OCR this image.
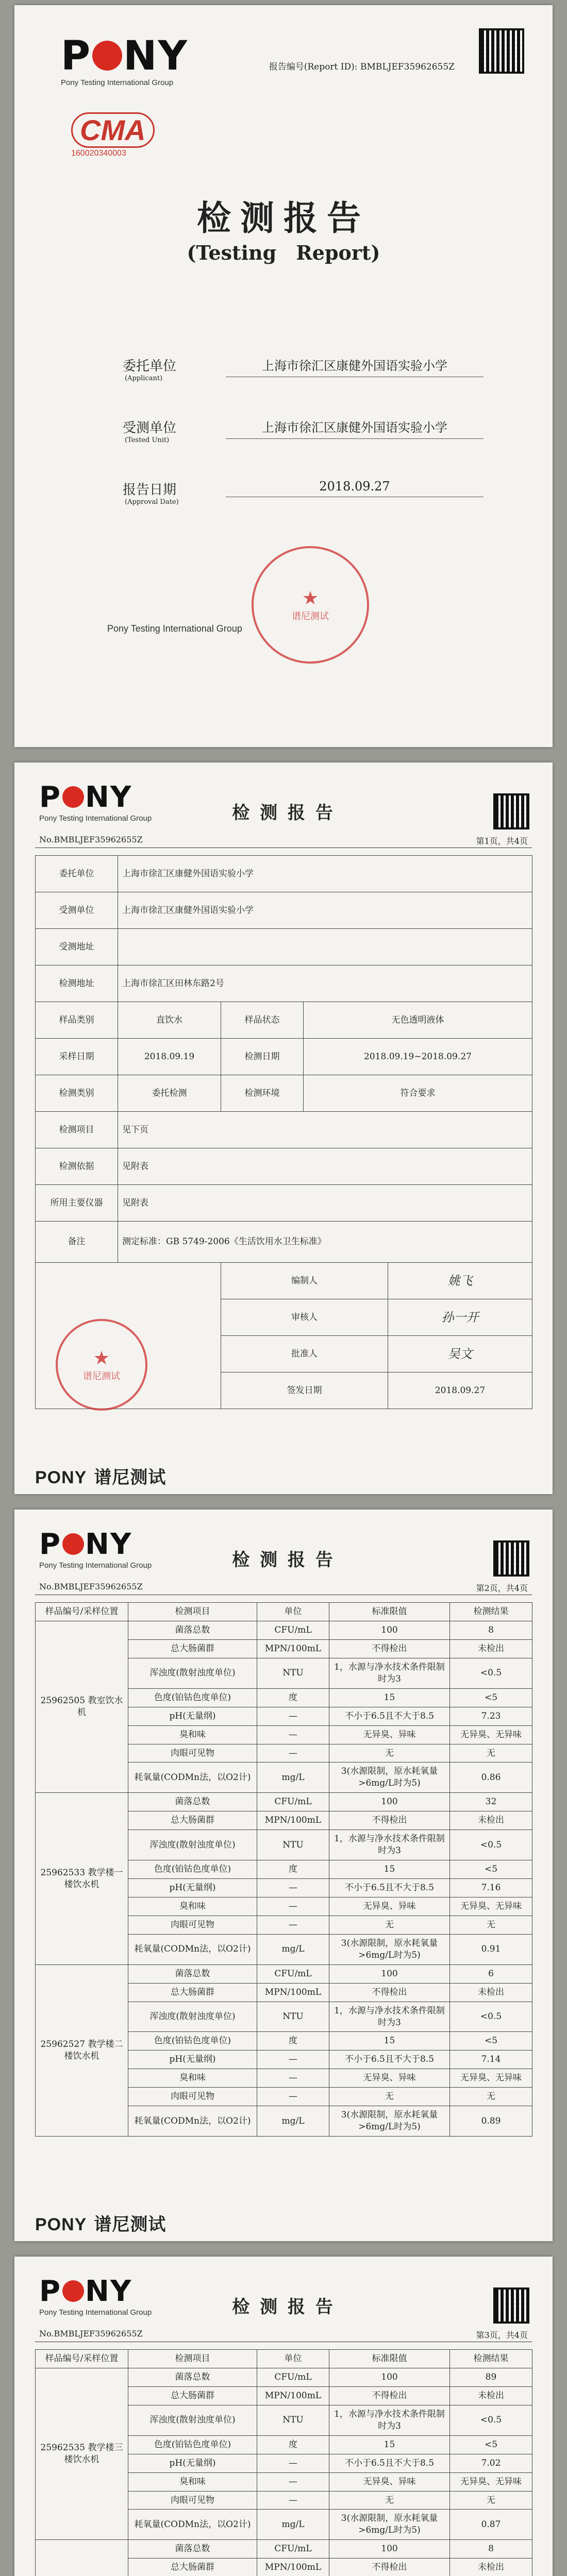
P NY
Pony Testing International Group
报告编号(Report ID): BMBLJEF35962655Z
CMA
160020340003
检测报告
(Testing　Report)
委托单位
(Applicant)
上海市徐汇区康健外国语实验小学
受测单位
(Tested Unit)
上海市徐汇区康健外国语实验小学
报告日期
(Approval Date)
2018.09.27
★
谱尼测试
Pony Testing International Group
P NY
Pony Testing International Group	检 测 报 告
No.BMBLJEF35962655Z	第1页，共4页
委托单位	上海市徐汇区康健外国语实验小学			
受测单位	上海市徐汇区康健外国语实验小学			
受测地址				
检测地址	上海市徐汇区田林东路2号			
样品类别	直饮水	样品状态	无色透明液体	
采样日期	2018.09.19	检测日期	2018.09.19~2018.09.27	
检测类别	委托检测	检测环境	符合要求	
检测项目	见下页			
检测依据	见附表			
所用主要仪器	见附表			
备注	测定标准：GB 5749-2006《生活饮用水卫生标准》			
		编制人		姚飞
		审核人		孙一开
		批准人		吴文
		签发日期		2018.09.27
★
谱尼测试
PONY 谱尼测试
P NY
Pony Testing International Group	检 测 报 告
No.BMBLJEF35962655Z	第2页，共4页
样品编号/采样位置	检测项目	单位	标准限值	检测结果
25962505 教室饮水机	菌落总数	CFU/mL	100	8
	总大肠菌群	MPN/100mL	不得检出	未检出
	浑浊度(散射浊度单位)	NTU	1，水源与净水技术条件限制时为3	<0.5
	色度(铂钴色度单位)	度	15	<5
	pH(无量纲)	—	不小于6.5且不大于8.5	7.23
	臭和味	—	无异臭、异味	无异臭、无异味
	肉眼可见物	—	无	无
	耗氧量(CODMn法，以O2计)	mg/L	3(水源限制，原水耗氧量>6mg/L时为5)	0.86
25962533 教学楼一楼饮水机	菌落总数	CFU/mL	100	32
	总大肠菌群	MPN/100mL	不得检出	未检出
	浑浊度(散射浊度单位)	NTU	1，水源与净水技术条件限制时为3	<0.5
	色度(铂钴色度单位)	度	15	<5
	pH(无量纲)	—	不小于6.5且不大于8.5	7.16
	臭和味	—	无异臭、异味	无异臭、无异味
	肉眼可见物	—	无	无
	耗氧量(CODMn法，以O2计)	mg/L	3(水源限制，原水耗氧量>6mg/L时为5)	0.91
25962527 教学楼二楼饮水机	菌落总数	CFU/mL	100	6
	总大肠菌群	MPN/100mL	不得检出	未检出
	浑浊度(散射浊度单位)	NTU	1，水源与净水技术条件限制时为3	<0.5
	色度(铂钴色度单位)	度	15	<5
	pH(无量纲)	—	不小于6.5且不大于8.5	7.14
	臭和味	—	无异臭、异味	无异臭、无异味
	肉眼可见物	—	无	无
	耗氧量(CODMn法，以O2计)	mg/L	3(水源限制，原水耗氧量>6mg/L时为5)	0.89
PONY 谱尼测试
P NY
Pony Testing International Group	检 测 报 告
No.BMBLJEF35962655Z	第3页，共4页
样品编号/采样位置	检测项目	单位	标准限值	检测结果
25962535 教学楼三楼饮水机	菌落总数	CFU/mL	100	89
	总大肠菌群	MPN/100mL	不得检出	未检出
	浑浊度(散射浊度单位)	NTU	1，水源与净水技术条件限制时为3	<0.5
	色度(铂钴色度单位)	度	15	<5
	pH(无量纲)	—	不小于6.5且不大于8.5	7.02
	臭和味	—	无异臭、异味	无异臭、无异味
	肉眼可见物	—	无	无
	耗氧量(CODMn法，以O2计)	mg/L	3(水源限制，原水耗氧量>6mg/L时为5)	0.87
	菌落总数	CFU/mL	100	8
	总大肠菌群	MPN/100mL	不得检出	未检出
